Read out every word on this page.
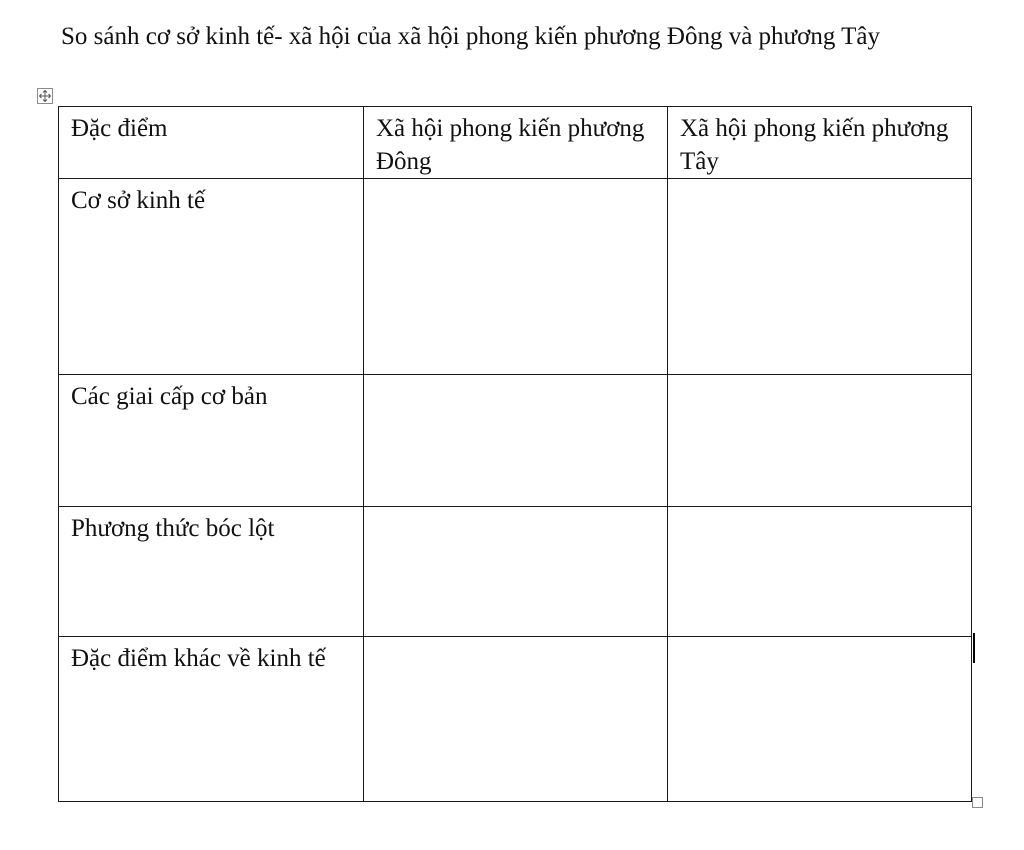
So sánh cơ sở kinh tế- xã hội của xã hội phong kiến phương Đông và phương Tây

Đặc điểm	Xã hội phong kiến phương Đông	Xã hội phong kiến phương Tây
Cơ sở kinh tế		
Các giai cấp cơ bản		
Phương thức bóc lột		
Đặc điểm khác về kinh tế		
